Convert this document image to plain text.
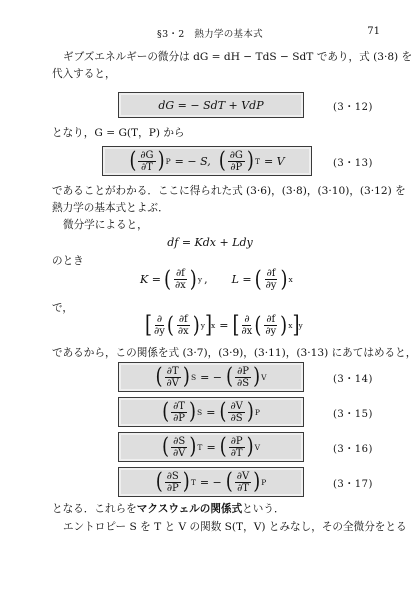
§3・2　熱力学の基本式	71
ギブズエネルギーの微分は dG = dH − TdS − SdT であり，式 (3·8) を
代入すると，
dG = − SdT + VdP	(3・12)
となり，G = G(T，P) から
( $\frac{\partial G}{\partial T}$ ) P = − S, ( $\frac{\partial G}{\partial P}$ ) T = V	(3・13)
であることがわかる．ここに得られた式 (3·6)，(3·8)，(3·10)，(3·12) を
熱力学の基本式とよぶ．
微分学によると，
df = Kdx + Ldy
のとき
K = ( $\frac{\partial f}{\partial x}$ ) y , L = ( $\frac{\partial f}{\partial y}$ ) x
で，
[ $\frac{\partial}{\partial y}$ ( $\frac{\partial f}{\partial x}$ ) y ] x = [ $\frac{\partial}{\partial x}$ ( $\frac{\partial f}{\partial y}$ ) x ] y
であるから，この関係を式 (3·7)，(3·9)，(3·11)，(3·13) にあてはめると，
( $\frac{\partial T}{\partial V}$ ) S = − ( $\frac{\partial P}{\partial S}$ ) V	(3・14)
( $\frac{\partial T}{\partial P}$ ) S = ( $\frac{\partial V}{\partial S}$ ) P	(3・15)
( $\frac{\partial S}{\partial V}$ ) T = ( $\frac{\partial P}{\partial T}$ ) V	(3・16)
( $\frac{\partial S}{\partial P}$ ) T = − ( $\frac{\partial V}{\partial T}$ ) P	(3・17)
となる．これらをマクスウェルの関係式という．
エントロピー S を T と V の関数 S(T，V) とみなし，その全微分をとる
